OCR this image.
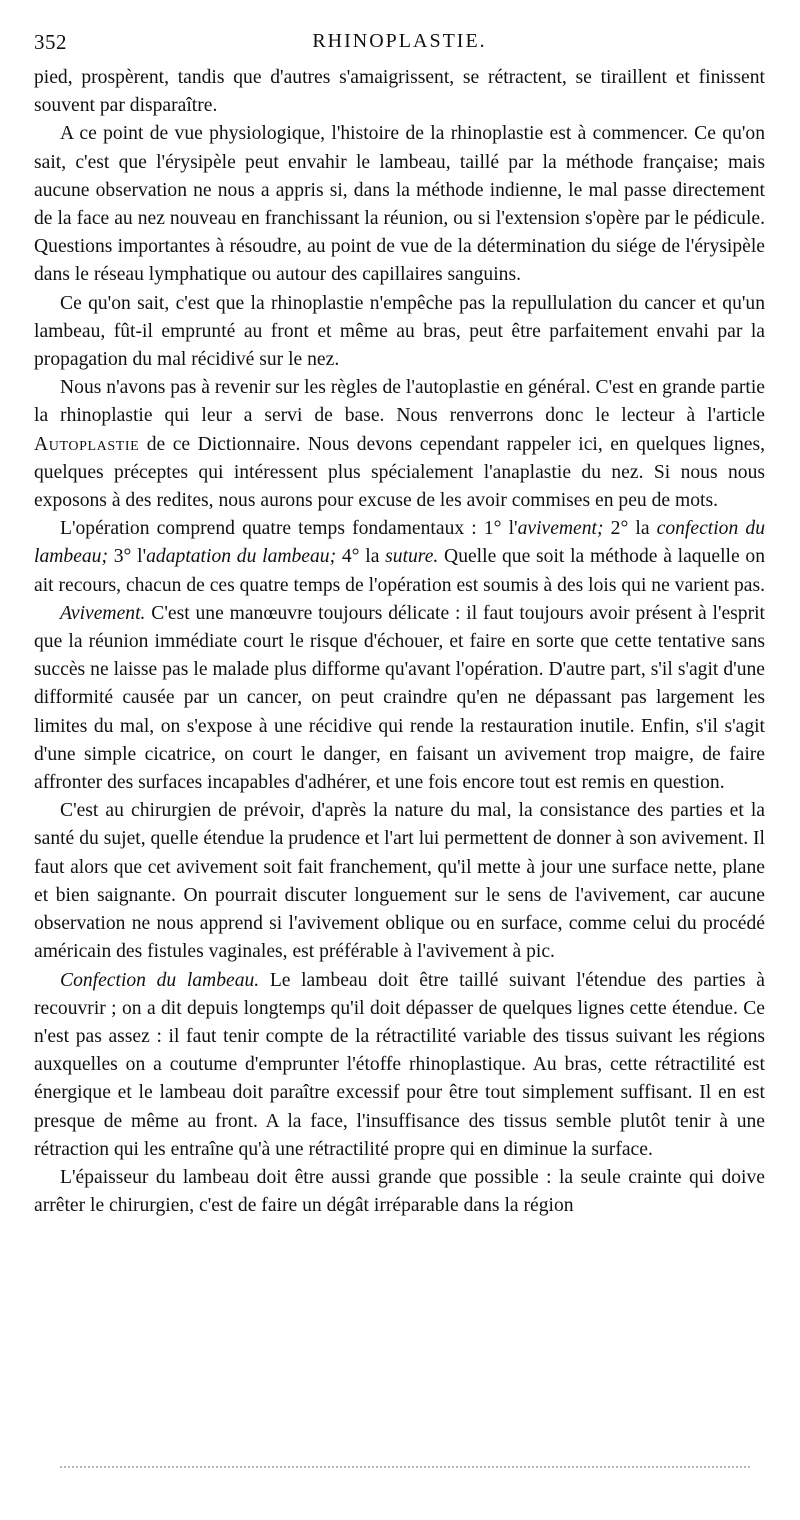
352	RHINOPLASTIE.

pied, prospèrent, tandis que d'autres s'amaigrissent, se rétractent, se tiraillent et finissent souvent par disparaître.

A ce point de vue physiologique, l'histoire de la rhinoplastie est à commencer. Ce qu'on sait, c'est que l'érysipèle peut envahir le lambeau, taillé par la méthode française; mais aucune observation ne nous a appris si, dans la méthode indienne, le mal passe directement de la face au nez nouveau en franchissant la réunion, ou si l'extension s'opère par le pédicule. Questions importantes à résoudre, au point de vue de la détermination du siége de l'érysipèle dans le réseau lymphatique ou autour des capillaires sanguins.

Ce qu'on sait, c'est que la rhinoplastie n'empêche pas la repullulation du cancer et qu'un lambeau, fût-il emprunté au front et même au bras, peut être parfaitement envahi par la propagation du mal récidivé sur le nez.

Nous n'avons pas à revenir sur les règles de l'autoplastie en général. C'est en grande partie la rhinoplastie qui leur a servi de base. Nous renverrons donc le lecteur à l'article Autoplastie de ce Dictionnaire. Nous devons cependant rappeler ici, en quelques lignes, quelques préceptes qui intéressent plus spécialement l'anaplastie du nez. Si nous nous exposons à des redites, nous aurons pour excuse de les avoir commises en peu de mots.

L'opération comprend quatre temps fondamentaux : 1° l'avivement; 2° la confection du lambeau; 3° l'adaptation du lambeau; 4° la suture. Quelle que soit la méthode à laquelle on ait recours, chacun de ces quatre temps de l'opération est soumis à des lois qui ne varient pas.

Avivement. C'est une manœuvre toujours délicate : il faut toujours avoir présent à l'esprit que la réunion immédiate court le risque d'échouer, et faire en sorte que cette tentative sans succès ne laisse pas le malade plus difforme qu'avant l'opération. D'autre part, s'il s'agit d'une difformité causée par un cancer, on peut craindre qu'en ne dépassant pas largement les limites du mal, on s'expose à une récidive qui rende la restauration inutile. Enfin, s'il s'agit d'une simple cicatrice, on court le danger, en faisant un avivement trop maigre, de faire affronter des surfaces incapables d'adhérer, et une fois encore tout est remis en question.

C'est au chirurgien de prévoir, d'après la nature du mal, la consistance des parties et la santé du sujet, quelle étendue la prudence et l'art lui permettent de donner à son avivement. Il faut alors que cet avivement soit fait franchement, qu'il mette à jour une surface nette, plane et bien saignante. On pourrait discuter longuement sur le sens de l'avivement, car aucune observation ne nous apprend si l'avivement oblique ou en surface, comme celui du procédé américain des fistules vaginales, est préférable à l'avivement à pic.

Confection du lambeau. Le lambeau doit être taillé suivant l'étendue des parties à recouvrir ; on a dit depuis longtemps qu'il doit dépasser de quelques lignes cette étendue. Ce n'est pas assez : il faut tenir compte de la rétractilité variable des tissus suivant les régions auxquelles on a coutume d'emprunter l'étoffe rhinoplastique. Au bras, cette rétractilité est énergique et le lambeau doit paraître excessif pour être tout simplement suffisant. Il en est presque de même au front. A la face, l'insuffisance des tissus semble plutôt tenir à une rétraction qui les entraîne qu'à une rétractilité propre qui en diminue la surface.

L'épaisseur du lambeau doit être aussi grande que possible : la seule crainte qui doive arrêter le chirurgien, c'est de faire un dégât irréparable dans la région
